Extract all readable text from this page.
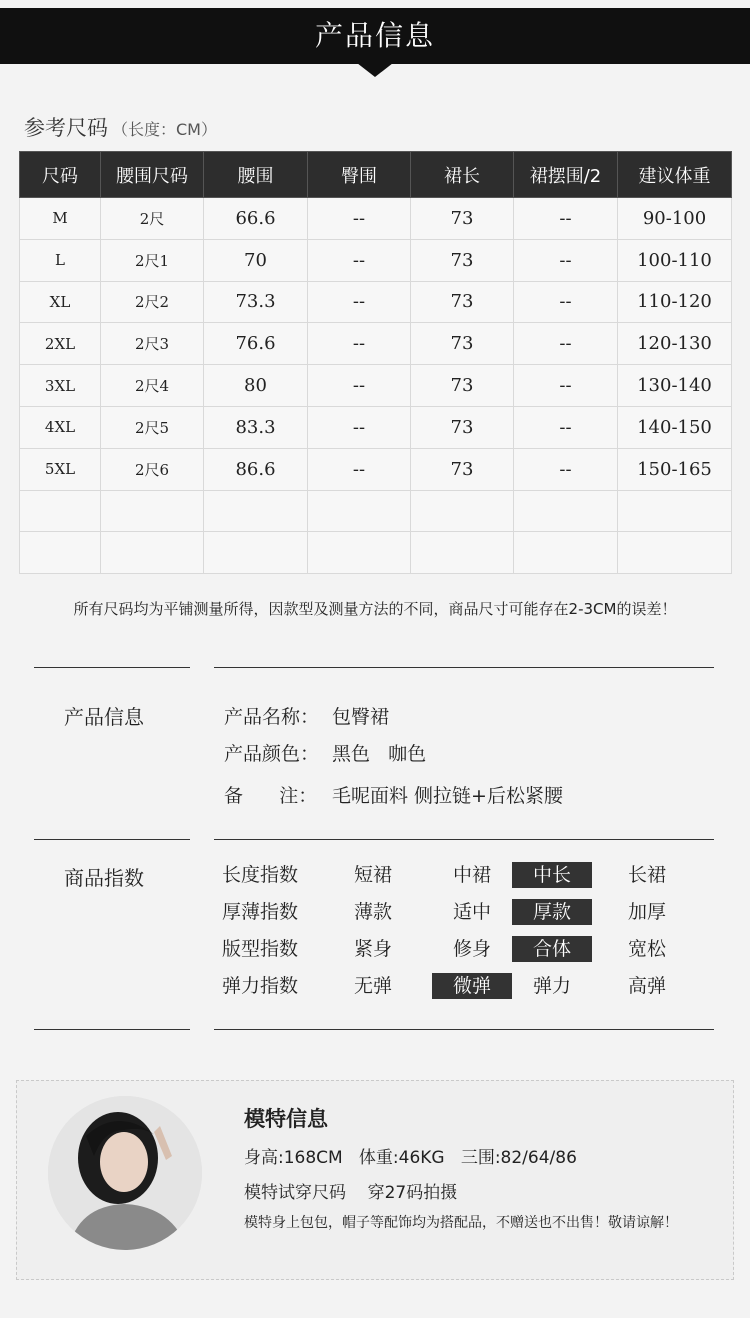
产品信息
参考尺码 （长度：CM）
尺码	腰围尺码	腰围	臀围	裙长	裙摆围/2	建议体重
M	2尺	66.6	--	73	--	90-100
L	2尺1	70	--	73	--	100-110
XL	2尺2	73.3	--	73	--	110-120
2XL	2尺3	76.6	--	73	--	120-130
3XL	2尺4	80	--	73	--	130-140
4XL	2尺5	83.3	--	73	--	140-150
5XL	2尺6	86.6	--	73	--	150-165

所有尺码均为平铺测量所得，因款型及测量方法的不同，商品尺寸可能存在2-3CM的误差！
产品信息	产品名称： 包臀裙
产品颜色： 黑色   咖色
备      注： 毛呢面料 侧拉链+后松紧腰
商品指数	长度指数	短裙	中裙	中长	长裙
厚薄指数	薄款	适中	厚款	加厚
版型指数	紧身	修身	合体	宽松
弹力指数	无弹	微弹	弹力	高弹
模特信息
身高:168CM   体重:46KG   三围:82/64/86
模特试穿尺码    穿27码拍摄
模特身上包包，帽子等配饰均为搭配品，不赠送也不出售！敬请谅解！
